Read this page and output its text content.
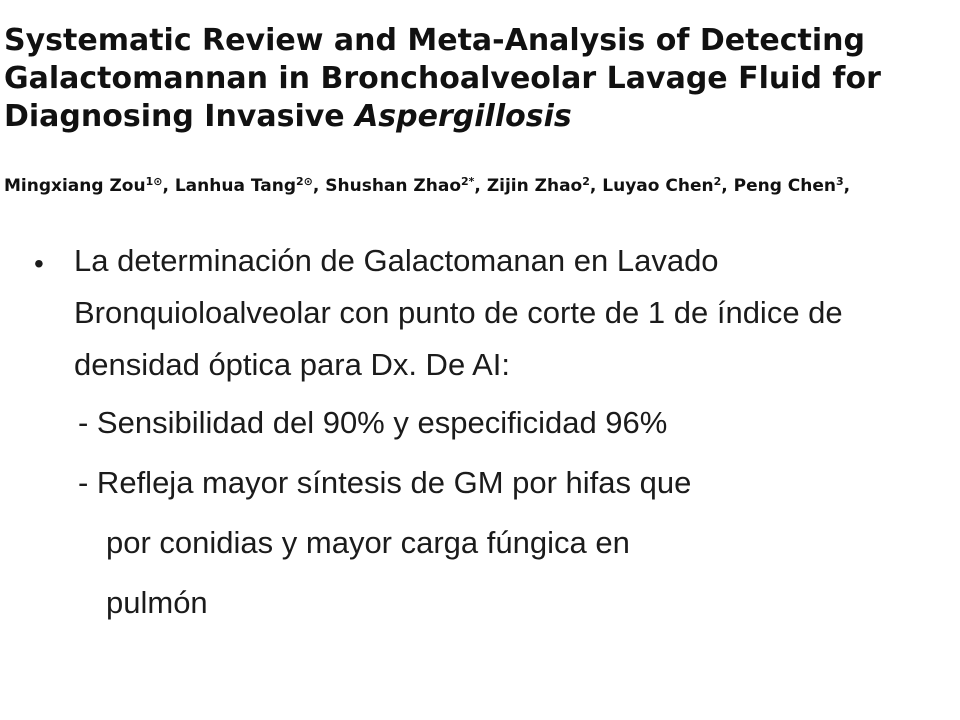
Systematic Review and Meta-Analysis of Detecting
Galactomannan in Bronchoalveolar Lavage Fluid for
Diagnosing Invasive Aspergillosis
Mingxiang Zou$^{1⊙}$, Lanhua Tang$^{2⊙}$, Shushan Zhao$^{2*}$, Zijin Zhao$^2$, Luyao Chen$^2$, Peng Chen$^3$,
• La determinación de Galactomanan en Lavado Bronquioloalveolar con punto de corte de 1 de índice de densidad óptica para Dx. De AI:
- Sensibilidad del 90% y especificidad 96%
- Refleja mayor síntesis de GM por hifas que
por conidias y mayor carga fúngica en
pulmón
